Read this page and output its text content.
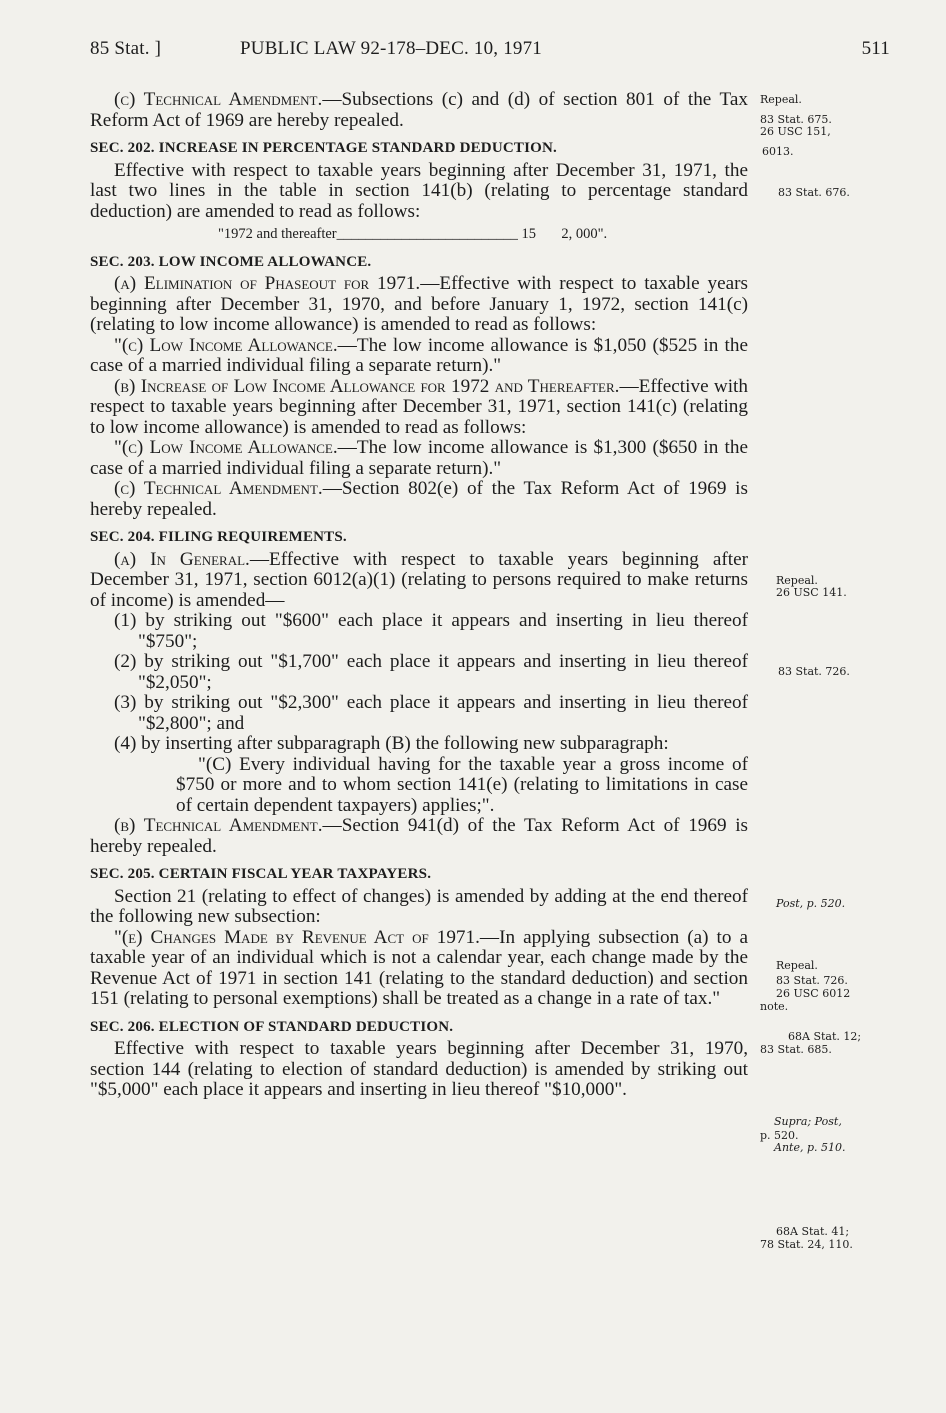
85 Stat. ]	PUBLIC LAW 92-178–DEC. 10, 1971	511

(c) Technical Amendment.—Subsections (c) and (d) of section 801 of the Tax Reform Act of 1969 are hereby repealed.

SEC. 202. INCREASE IN PERCENTAGE STANDARD DEDUCTION.

Effective with respect to taxable years beginning after December 31, 1971, the last two lines in the table in section 141(b) (relating to percentage standard deduction) are amended to read as follows:

"1972 and thereafter_________________________ 15       2, 000".

SEC. 203. LOW INCOME ALLOWANCE.

(a) Elimination of Phaseout for 1971.—Effective with respect to taxable years beginning after December 31, 1970, and before January 1, 1972, section 141(c) (relating to low income allowance) is amended to read as follows:

"(c) Low Income Allowance.—The low income allowance is $1,050 ($525 in the case of a married individual filing a separate return)."

(b) Increase of Low Income Allowance for 1972 and Thereafter.—Effective with respect to taxable years beginning after December 31, 1971, section 141(c) (relating to low income allowance) is amended to read as follows:

"(c) Low Income Allowance.—The low income allowance is $1,300 ($650 in the case of a married individual filing a separate return)."

(c) Technical Amendment.—Section 802(e) of the Tax Reform Act of 1969 is hereby repealed.

SEC. 204. FILING REQUIREMENTS.

(a) In General.—Effective with respect to taxable years beginning after December 31, 1971, section 6012(a)(1) (relating to persons required to make returns of income) is amended—

(1) by striking out "$600" each place it appears and inserting in lieu thereof "$750";

(2) by striking out "$1,700" each place it appears and inserting in lieu thereof "$2,050";

(3) by striking out "$2,300" each place it appears and inserting in lieu thereof "$2,800"; and

(4) by inserting after subparagraph (B) the following new subparagraph:

"(C) Every individual having for the taxable year a gross income of $750 or more and to whom section 141(e) (relating to limitations in case of certain dependent taxpayers) applies;".

(b) Technical Amendment.—Section 941(d) of the Tax Reform Act of 1969 is hereby repealed.

SEC. 205. CERTAIN FISCAL YEAR TAXPAYERS.

Section 21 (relating to effect of changes) is amended by adding at the end thereof the following new subsection:

"(e) Changes Made by Revenue Act of 1971.—In applying subsection (a) to a taxable year of an individual which is not a calendar year, each change made by the Revenue Act of 1971 in section 141 (relating to the standard deduction) and section 151 (relating to personal exemptions) shall be treated as a change in a rate of tax."

SEC. 206. ELECTION OF STANDARD DEDUCTION.

Effective with respect to taxable years beginning after December 31, 1970, section 144 (relating to election of standard deduction) is amended by striking out "$5,000" each place it appears and inserting in lieu thereof "$10,000".

Repeal.
83 Stat. 675.
26 USC 151,
6013.
83 Stat. 676.
Repeal.
26 USC 141.
83 Stat. 726.
Post, p. 520.
Repeal.
83 Stat. 726.
26 USC 6012
note.
68A Stat. 12;
83 Stat. 685.
Supra; Post,
p. 520.
Ante, p. 510.
68A Stat. 41;
78 Stat. 24, 110.
